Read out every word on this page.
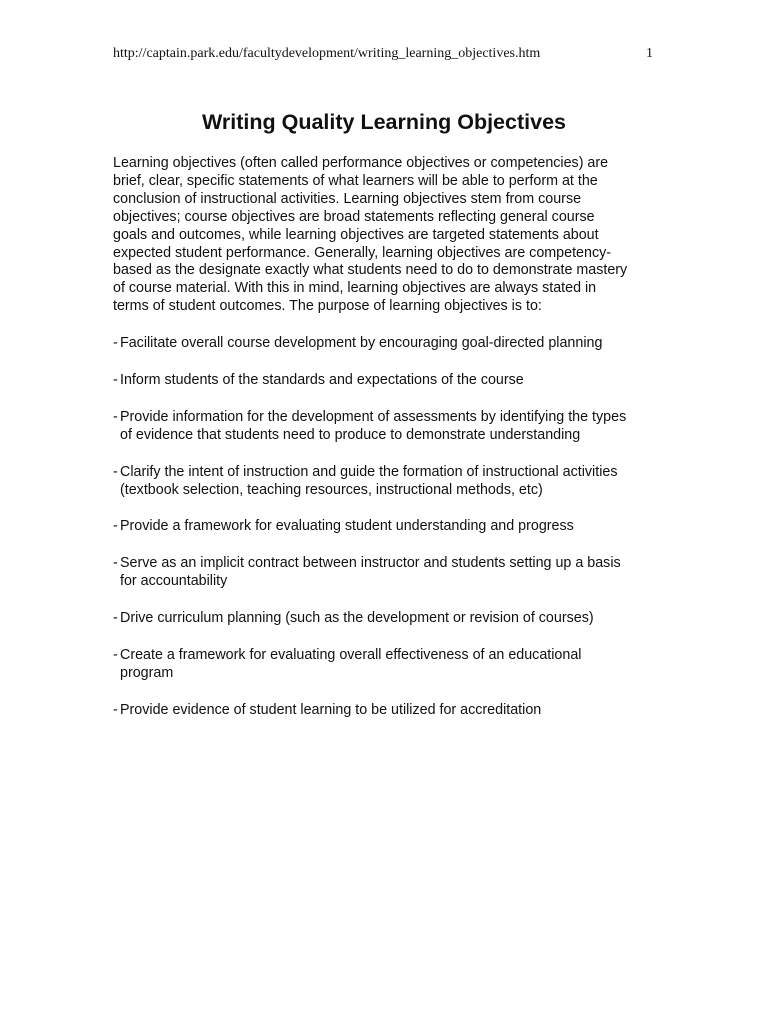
http://captain.park.edu/facultydevelopment/writing_learning_objectives.htm	1
Writing Quality Learning Objectives

Learning objectives (often called performance objectives or competencies) are
brief, clear, specific statements of what learners will be able to perform at the
conclusion of instructional activities. Learning objectives stem from course
objectives; course objectives are broad statements reflecting general course
goals and outcomes, while learning objectives are targeted statements about
expected student performance. Generally, learning objectives are competency-
based as the designate exactly what students need to do to demonstrate mastery
of course material. With this in mind, learning objectives are always stated in
terms of student outcomes. The purpose of learning objectives is to:

- Facilitate overall course development by encouraging goal-directed planning
- Inform students of the standards and expectations of the course
- Provide information for the development of assessments by identifying the types
of evidence that students need to produce to demonstrate understanding
- Clarify the intent of instruction and guide the formation of instructional activities
(textbook selection, teaching resources, instructional methods, etc)
- Provide a framework for evaluating student understanding and progress
- Serve as an implicit contract between instructor and students setting up a basis
for accountability
- Drive curriculum planning (such as the development or revision of courses)
- Create a framework for evaluating overall effectiveness of an educational
program
- Provide evidence of student learning to be utilized for accreditation
